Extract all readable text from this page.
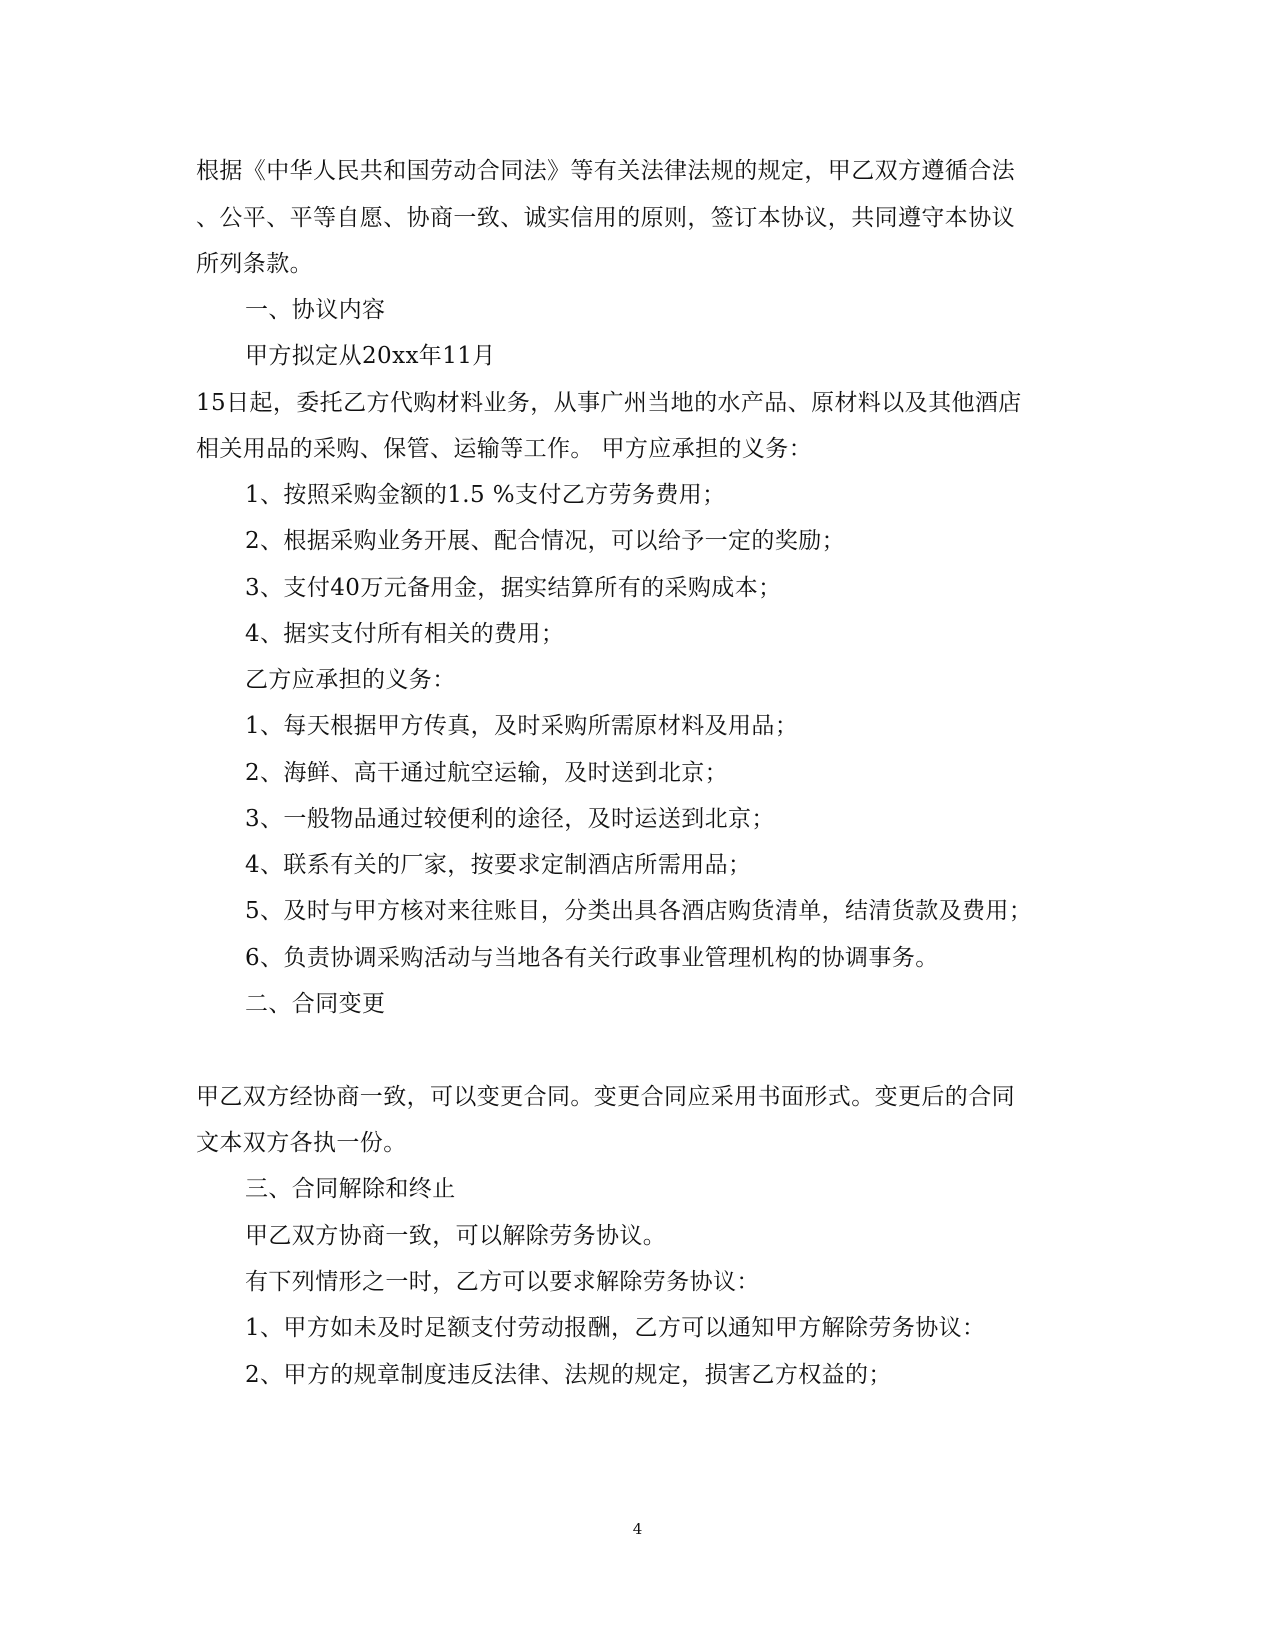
根据《中华人民共和国劳动合同法》等有关法律法规的规定，甲乙双方遵循合法

、公平、平等自愿、协商一致、诚实信用的原则，签订本协议，共同遵守本协议

所列条款。

一、协议内容

甲方拟定从20xx年11月

15日起，委托乙方代购材料业务，从事广州当地的水产品、原材料以及其他酒店

相关用品的采购、保管、运输等工作。 甲方应承担的义务：

1、按照采购金额的1.5 %支付乙方劳务费用；

2、根据采购业务开展、配合情况，可以给予一定的奖励；

3、支付40万元备用金，据实结算所有的采购成本；

4、据实支付所有相关的费用；

乙方应承担的义务：

1、每天根据甲方传真，及时采购所需原材料及用品；

2、海鲜、高干通过航空运输，及时送到北京；

3、一般物品通过较便利的途径，及时运送到北京；

4、联系有关的厂家，按要求定制酒店所需用品；

5、及时与甲方核对来往账目，分类出具各酒店购货清单，结清货款及费用；

6、负责协调采购活动与当地各有关行政事业管理机构的协调事务。

二、合同变更

甲乙双方经协商一致，可以变更合同。变更合同应采用书面形式。变更后的合同

文本双方各执一份。

三、合同解除和终止

甲乙双方协商一致，可以解除劳务协议。

有下列情形之一时，乙方可以要求解除劳务协议：

1、甲方如未及时足额支付劳动报酬，乙方可以通知甲方解除劳务协议：

2、甲方的规章制度违反法律、法规的规定，损害乙方权益的；

4
